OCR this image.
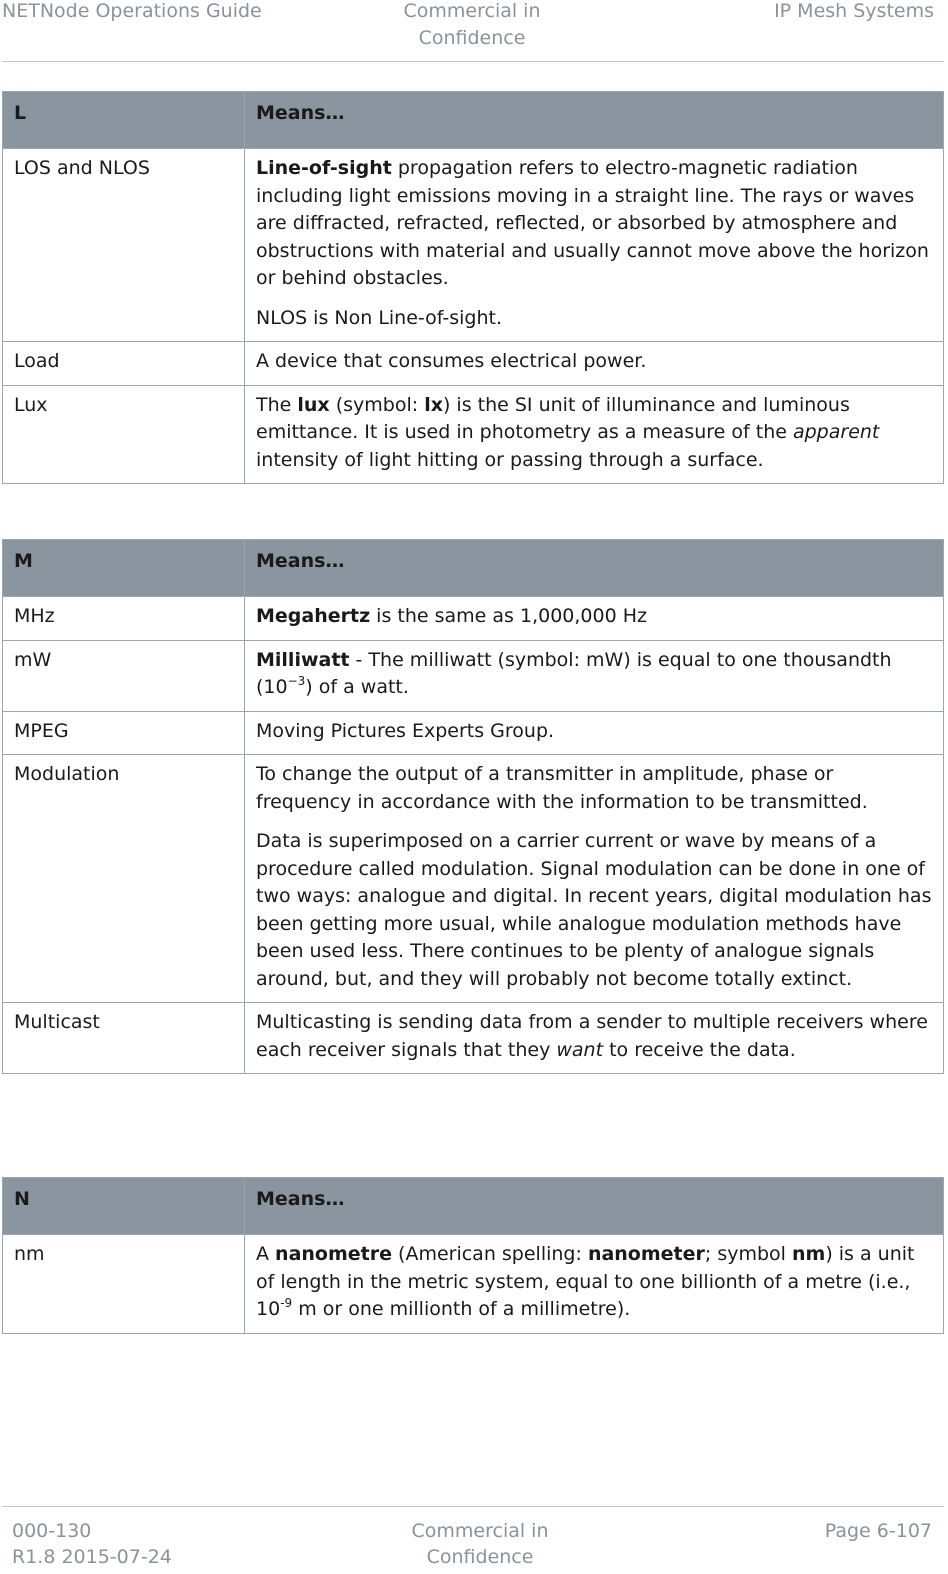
NETNode Operations Guide	Commercial in
Confidence
IP Mesh Systems
L	Means…
LOS and NLOS	Line-of-sight propagation refers to electro-magnetic radiation including light emissions moving in a straight line. The rays or waves are diffracted, refracted, reflected, or absorbed by atmosphere and obstructions with material and usually cannot move above the horizon or behind obstacles.

NLOS is Non Line-of-sight.

Load	A device that consumes electrical power.

Lux	The lux (symbol: lx) is the SI unit of illuminance and luminous emittance. It is used in photometry as a measure of the apparent intensity of light hitting or passing through a surface.

M	Means…
MHz	Megahertz is the same as 1,000,000 Hz

mW	Milliwatt - The milliwatt (symbol: mW) is equal to one thousandth $(10^{-3})$ of a watt.

MPEG	Moving Pictures Experts Group.

Modulation	To change the output of a transmitter in amplitude, phase or frequency in accordance with the information to be transmitted.

Data is superimposed on a carrier current or wave by means of a procedure called modulation. Signal modulation can be done in one of two ways: analogue and digital. In recent years, digital modulation has been getting more usual, while analogue modulation methods have been used less. There continues to be plenty of analogue signals around, but, and they will probably not become totally extinct.

Multicast	Multicasting is sending data from a sender to multiple receivers where each receiver signals that they want to receive the data.

N	Means…
nm	A nanometre (American spelling: nanometer; symbol nm) is a unit of length in the metric system, equal to one billionth of a metre (i.e., $10^{-9}$ m or one millionth of a millimetre).

000-130
R1.8 2015-07-24
Commercial in
Confidence
Page 6-107
